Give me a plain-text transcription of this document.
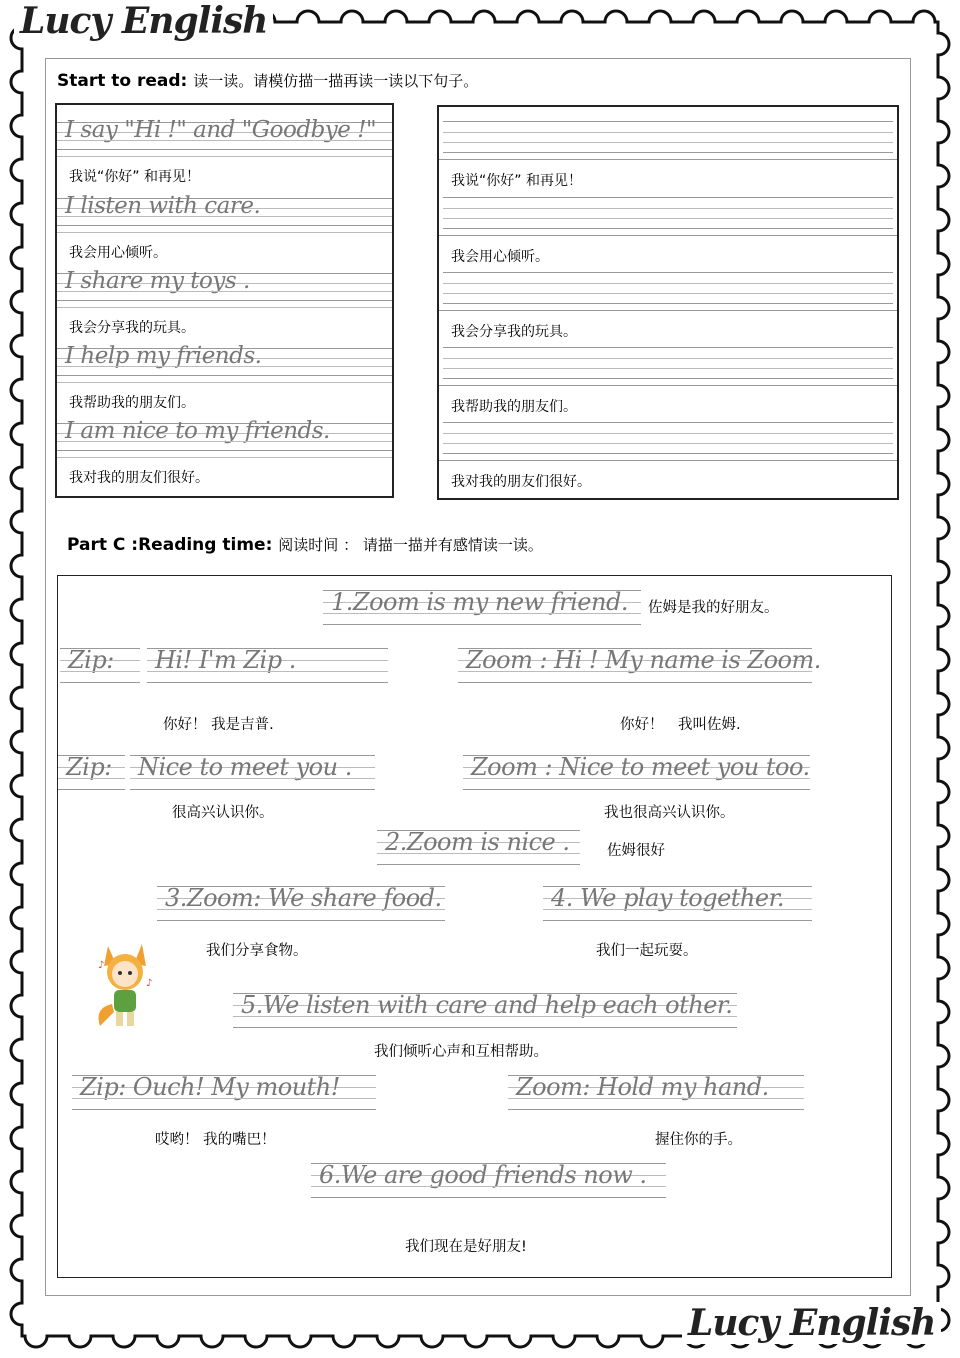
Lucy English
Lucy English
Start to read: 读一读。请模仿描一描再读一读以下句子。
I say "Hi !" and "Goodbye !"
我说“你好” 和再见！
I listen with care.
我会用心倾听。
I share my toys .
我会分享我的玩具。
I help my friends.
我帮助我的朋友们。
I am nice to my friends.
我对我的朋友们很好。
我说“你好” 和再见！
我会用心倾听。
我会分享我的玩具。
我帮助我的朋友们。
我对我的朋友们很好。
Part C :Reading time: 阅读时间 ： 请描一描并有感情读一读。
♪
♪
1.Zoom is my new friend.	佐姆是我的好朋友。
Zip:	Hi! I'm Zip .
你好！ 我是吉普.
Zoom : Hi ! My name is Zoom.
你好！　我叫佐姆.
Zip:	Nice to meet you .
很高兴认识你。
Zoom : Nice to meet you too.
我也很高兴认识你。
2.Zoom is nice .	佐姆很好
3.Zoom: We share food.
我们分享食物。
4. We play together.
我们一起玩耍。
5.We listen with care and help each other.
我们倾听心声和互相帮助。
Zip: Ouch! My mouth!
哎哟！ 我的嘴巴！
Zoom: Hold my hand.
握住你的手。
6.We are good friends now .
我们现在是好朋友!
